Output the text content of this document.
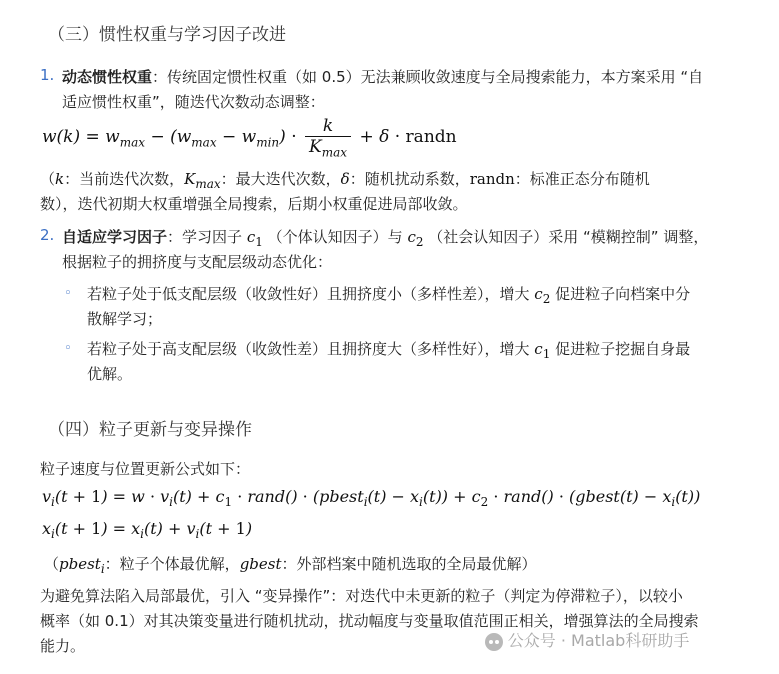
（三）惯性权重与学习因子改进
1. 动态惯性权重：传统固定惯性权重（如 0.5）无法兼顾收敛速度与全局搜索能力，本方案采用 “自
适应惯性权重”，随迭代次数动态调整：
$w(k) = w_{max} - (w_{max} - w_{min}) \cdot \frac{k}{K_{max}} + \delta$ · randn
（k：当前迭代次数，$K_{max}$：最大迭代次数，δ：随机扰动系数，randn：标准正态分布随机
数），迭代初期大权重增强全局搜索，后期小权重促进局部收敛。
2. 自适应学习因子：学习因子 $c_1$ （个体认知因子）与 $c_2$ （社会认知因子）采用 “模糊控制” 调整，
根据粒子的拥挤度与支配层级动态优化：
◦ 若粒子处于低支配层级（收敛性好）且拥挤度小（多样性差），增大 $c_2$ 促进粒子向档案中分
散解学习；
◦ 若粒子处于高支配层级（收敛性差）且拥挤度大（多样性好），增大 $c_1$ 促进粒子挖掘自身最
优解。
（四）粒子更新与变异操作
粒子速度与位置更新公式如下：
$v_i(t + 1) = w \cdot v_i(t) + c_1$ · rand() · (pbest$_i$(t) − $x_i(t)) + c_2$ · rand() · (gbest(t) − $x_i(t)$)
$x_i(t + 1) = x_i(t) + v_i(t + 1)$
（pbest$_i$：粒子个体最优解，gbest：外部档案中随机选取的全局最优解）
为避免算法陷入局部最优，引入 “变异操作”：对迭代中未更新的粒子（判定为停滞粒子），以较小
概率（如 0.1）对其决策变量进行随机扰动，扰动幅度与变量取值范围正相关，增强算法的全局搜索
能力。	公众号 · Matlab科研助手
